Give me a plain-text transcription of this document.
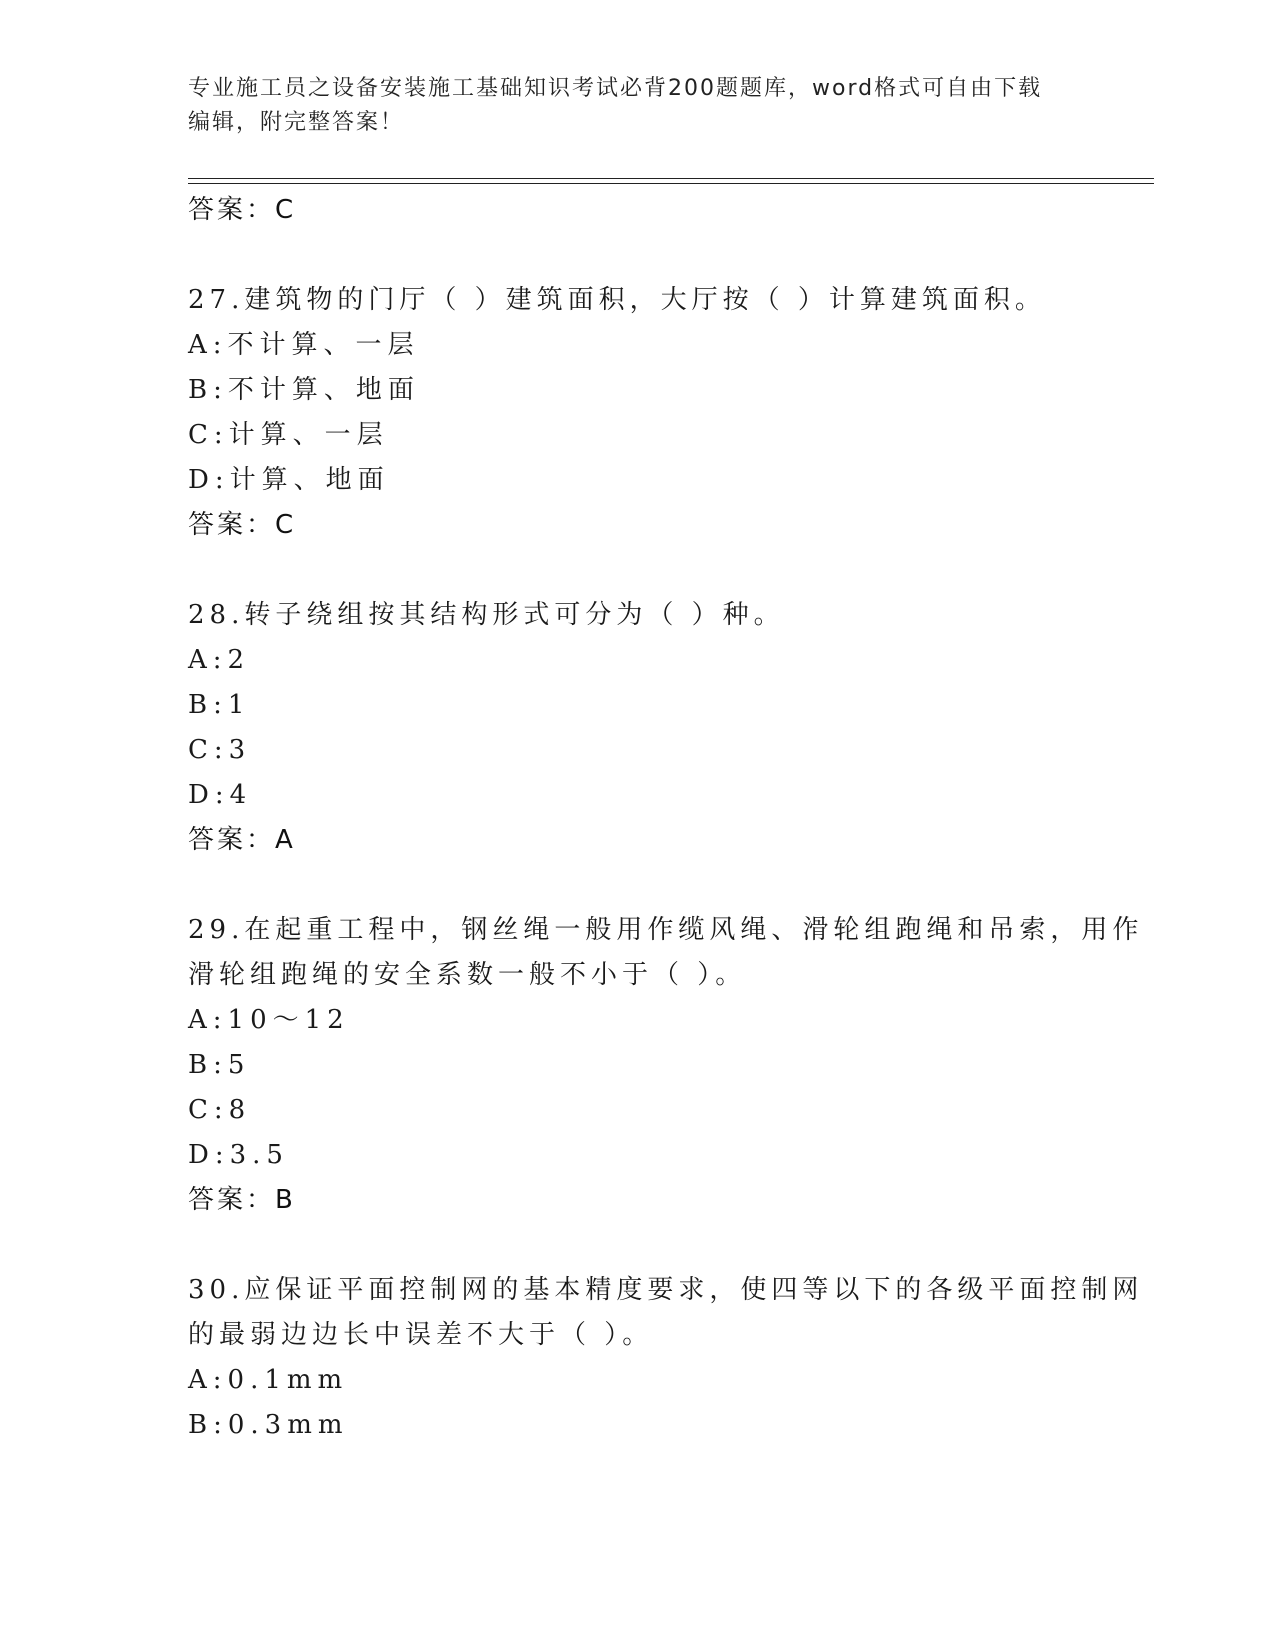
专业施工员之设备安装施工基础知识考试必背200题题库，word格式可自由下载
编辑，附完整答案！
答案：C
27.建筑物的门厅（ ）建筑面积，大厅按（ ）计算建筑面积。
A:不计算、一层
B:不计算、地面
C:计算、一层
D:计算、地面
答案：C
28.转子绕组按其结构形式可分为（ ）种。
A:2
B:1
C:3
D:4
答案：A
29.在起重工程中，钢丝绳一般用作缆风绳、滑轮组跑绳和吊索，用作
滑轮组跑绳的安全系数一般不小于（ ）。
A:10～12
B:5
C:8
D:3.5
答案：B
30.应保证平面控制网的基本精度要求，使四等以下的各级平面控制网
的最弱边边长中误差不大于（ ）。
A:0.1mm
B:0.3mm
